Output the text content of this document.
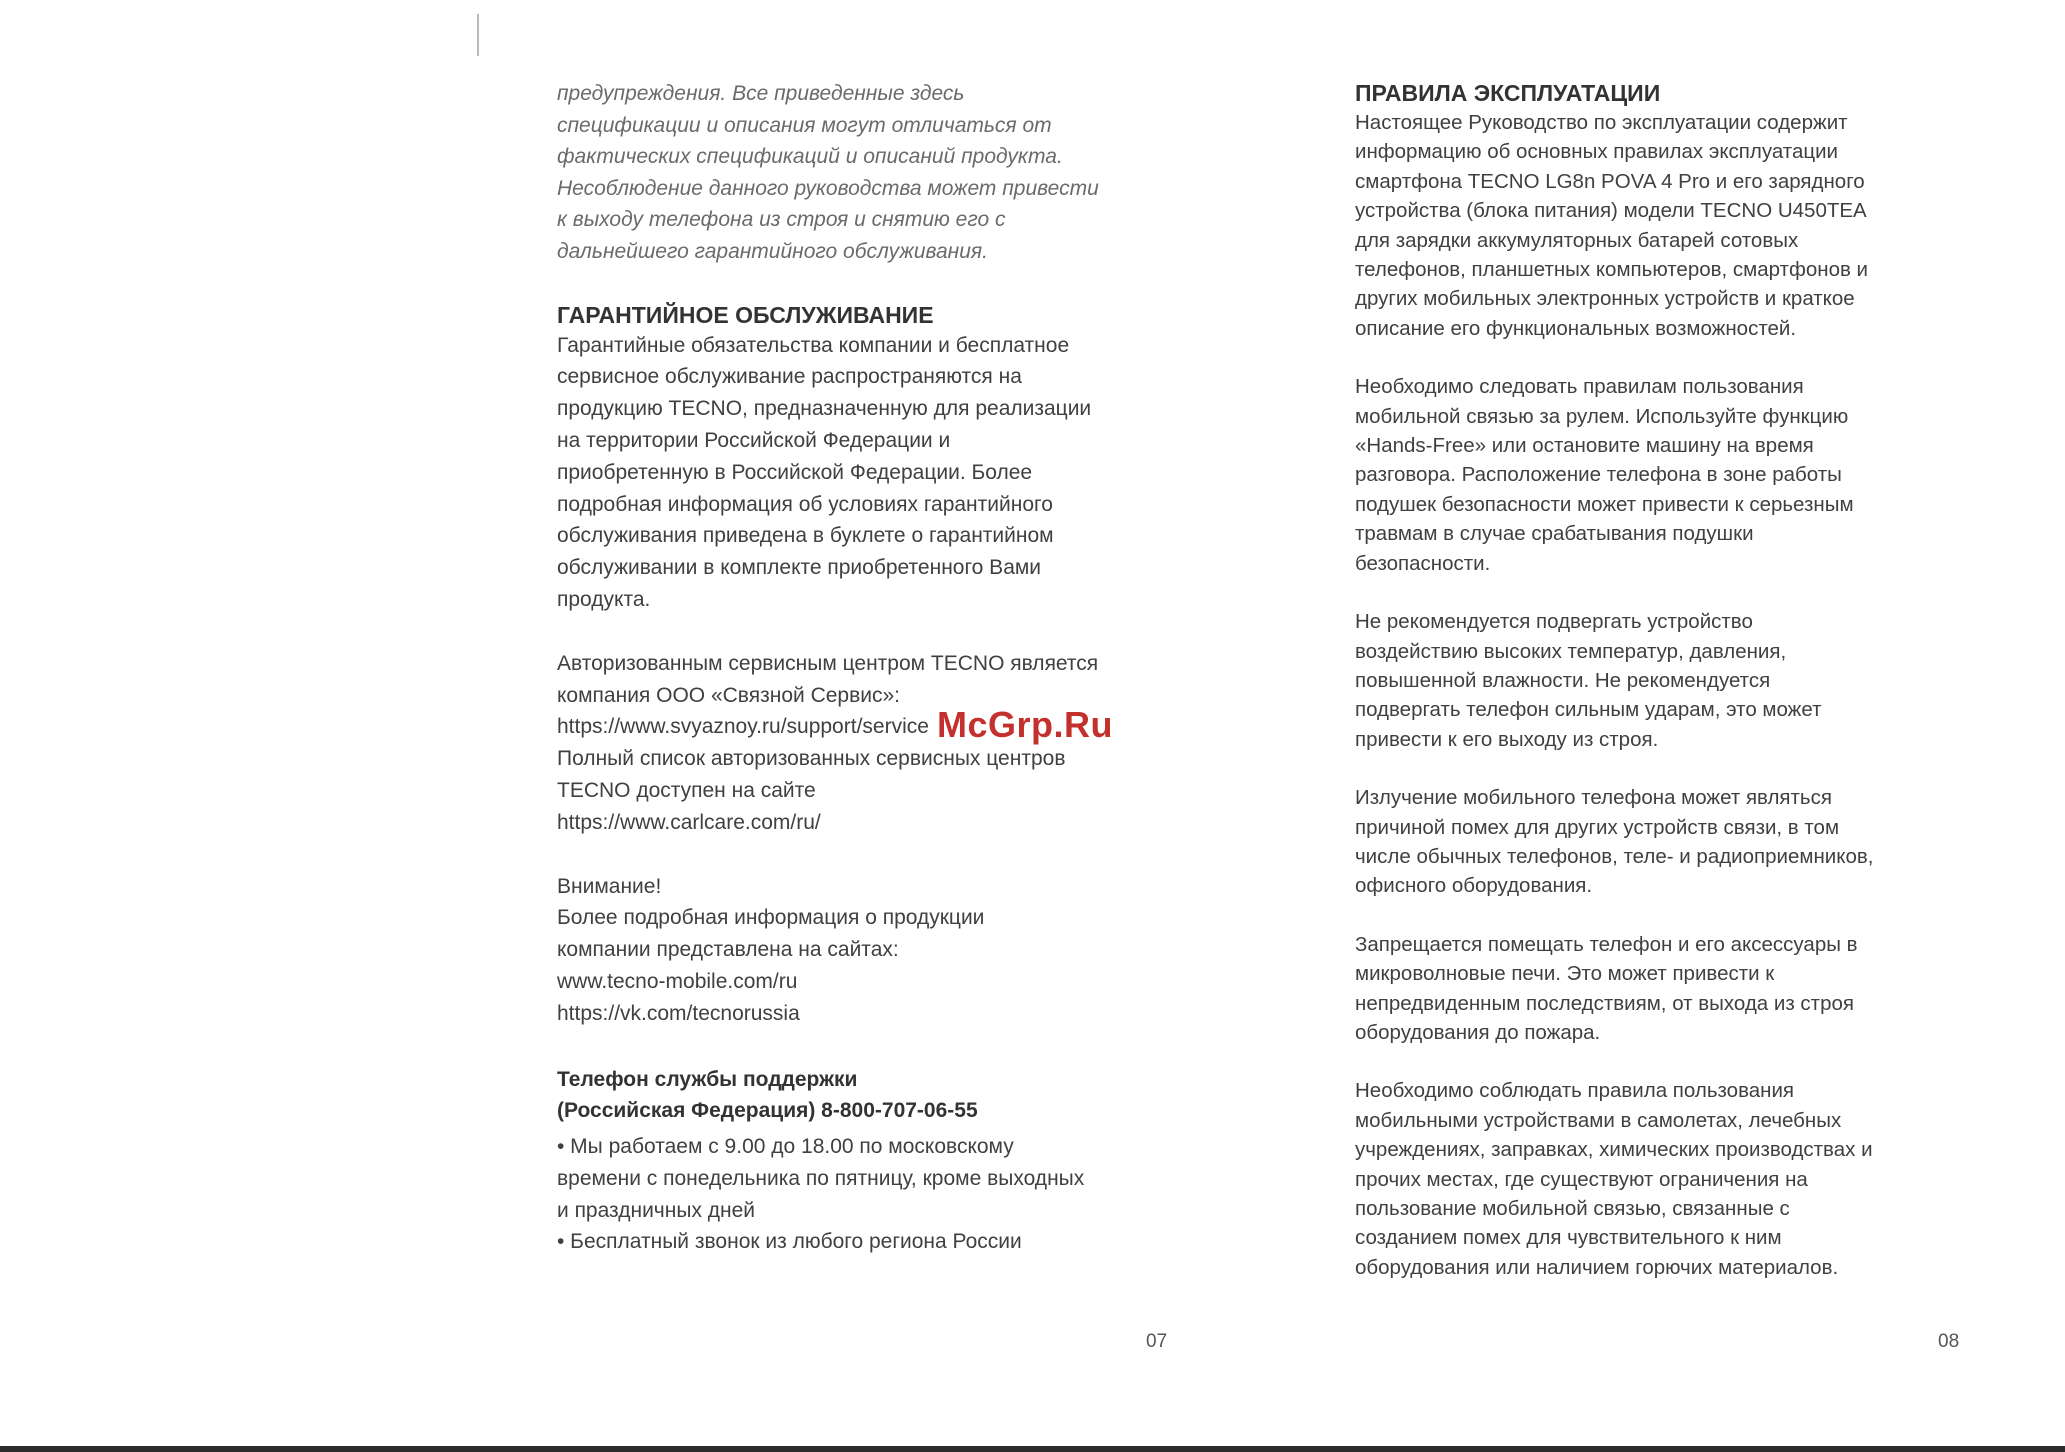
предупреждения. Все приведенные здесь
спецификации и описания могут отличаться от
фактических спецификаций и описаний продукта.
Несоблюдение данного руководства может привести
к выходу телефона из строя и снятию его с
дальнейшего гарантийного обслуживания.

ГАРАНТИЙНОЕ ОБСЛУЖИВАНИЕ

Гарантийные обязательства компании и бесплатное
сервисное обслуживание распространяются на
продукцию TECNO, предназначенную для реализации
на территории Российской Федерации и
приобретенную в Российской Федерации. Более
подробная информация об условиях гарантийного
обслуживания приведена в буклете о гарантийном
обслуживании в комплекте приобретенного Вами
продукта.

Авторизованным сервисным центром TECNO является
компания ООО «Связной Сервис»:
https://www.svyaznoy.ru/support/service
Полный список авторизованных сервисных центров
TECNO доступен на сайте
https://www.carlcare.com/ru/

Внимание!
Более подробная информация о продукции
компании представлена на сайтах:
www.tecno-mobile.com/ru
https://vk.com/tecnorussia

Телефон службы поддержки
(Российская Федерация) 8-800-707-06-55

• Мы работаем с 9.00 до 18.00 по московскому
времени с понедельника по пятницу, кроме выходных
и праздничных дней

• Бесплатный звонок из любого региона России

07
ПРАВИЛА ЭКСПЛУАТАЦИИ

Настоящее Руководство по эксплуатации содержит
информацию об основных правилах эксплуатации
смартфона TECNO LG8n POVA 4 Pro и его зарядного
устройства (блока питания) модели TECNO U450TEA
для зарядки аккумуляторных батарей сотовых
телефонов, планшетных компьютеров, смартфонов и
других мобильных электронных устройств и краткое
описание его функциональных возможностей.

Необходимо следовать правилам пользования
мобильной связью за рулем. Используйте функцию
«Hands-Free» или остановите машину на время
разговора. Расположение телефона в зоне работы
подушек безопасности может привести к серьезным
травмам в случае срабатывания подушки
безопасности.

Не рекомендуется подвергать устройство
воздействию высоких температур, давления,
повышенной влажности. Не рекомендуется
подвергать телефон сильным ударам, это может
привести к его выходу из строя.

Излучение мобильного телефона может являться
причиной помех для других устройств связи, в том
числе обычных телефонов, теле- и радиоприемников,
офисного оборудования.

Запрещается помещать телефон и его аксессуары в
микроволновые печи. Это может привести к
непредвиденным последствиям, от выхода из строя
оборудования до пожара.

Необходимо соблюдать правила пользования
мобильными устройствами в самолетах, лечебных
учреждениях, заправках, химических производствах и
прочих местах, где существуют ограничения на
пользование мобильной связью, связанные с
созданием помех для чувствительного к ним
оборудования или наличием горючих материалов.

08
McGrp.Ru
